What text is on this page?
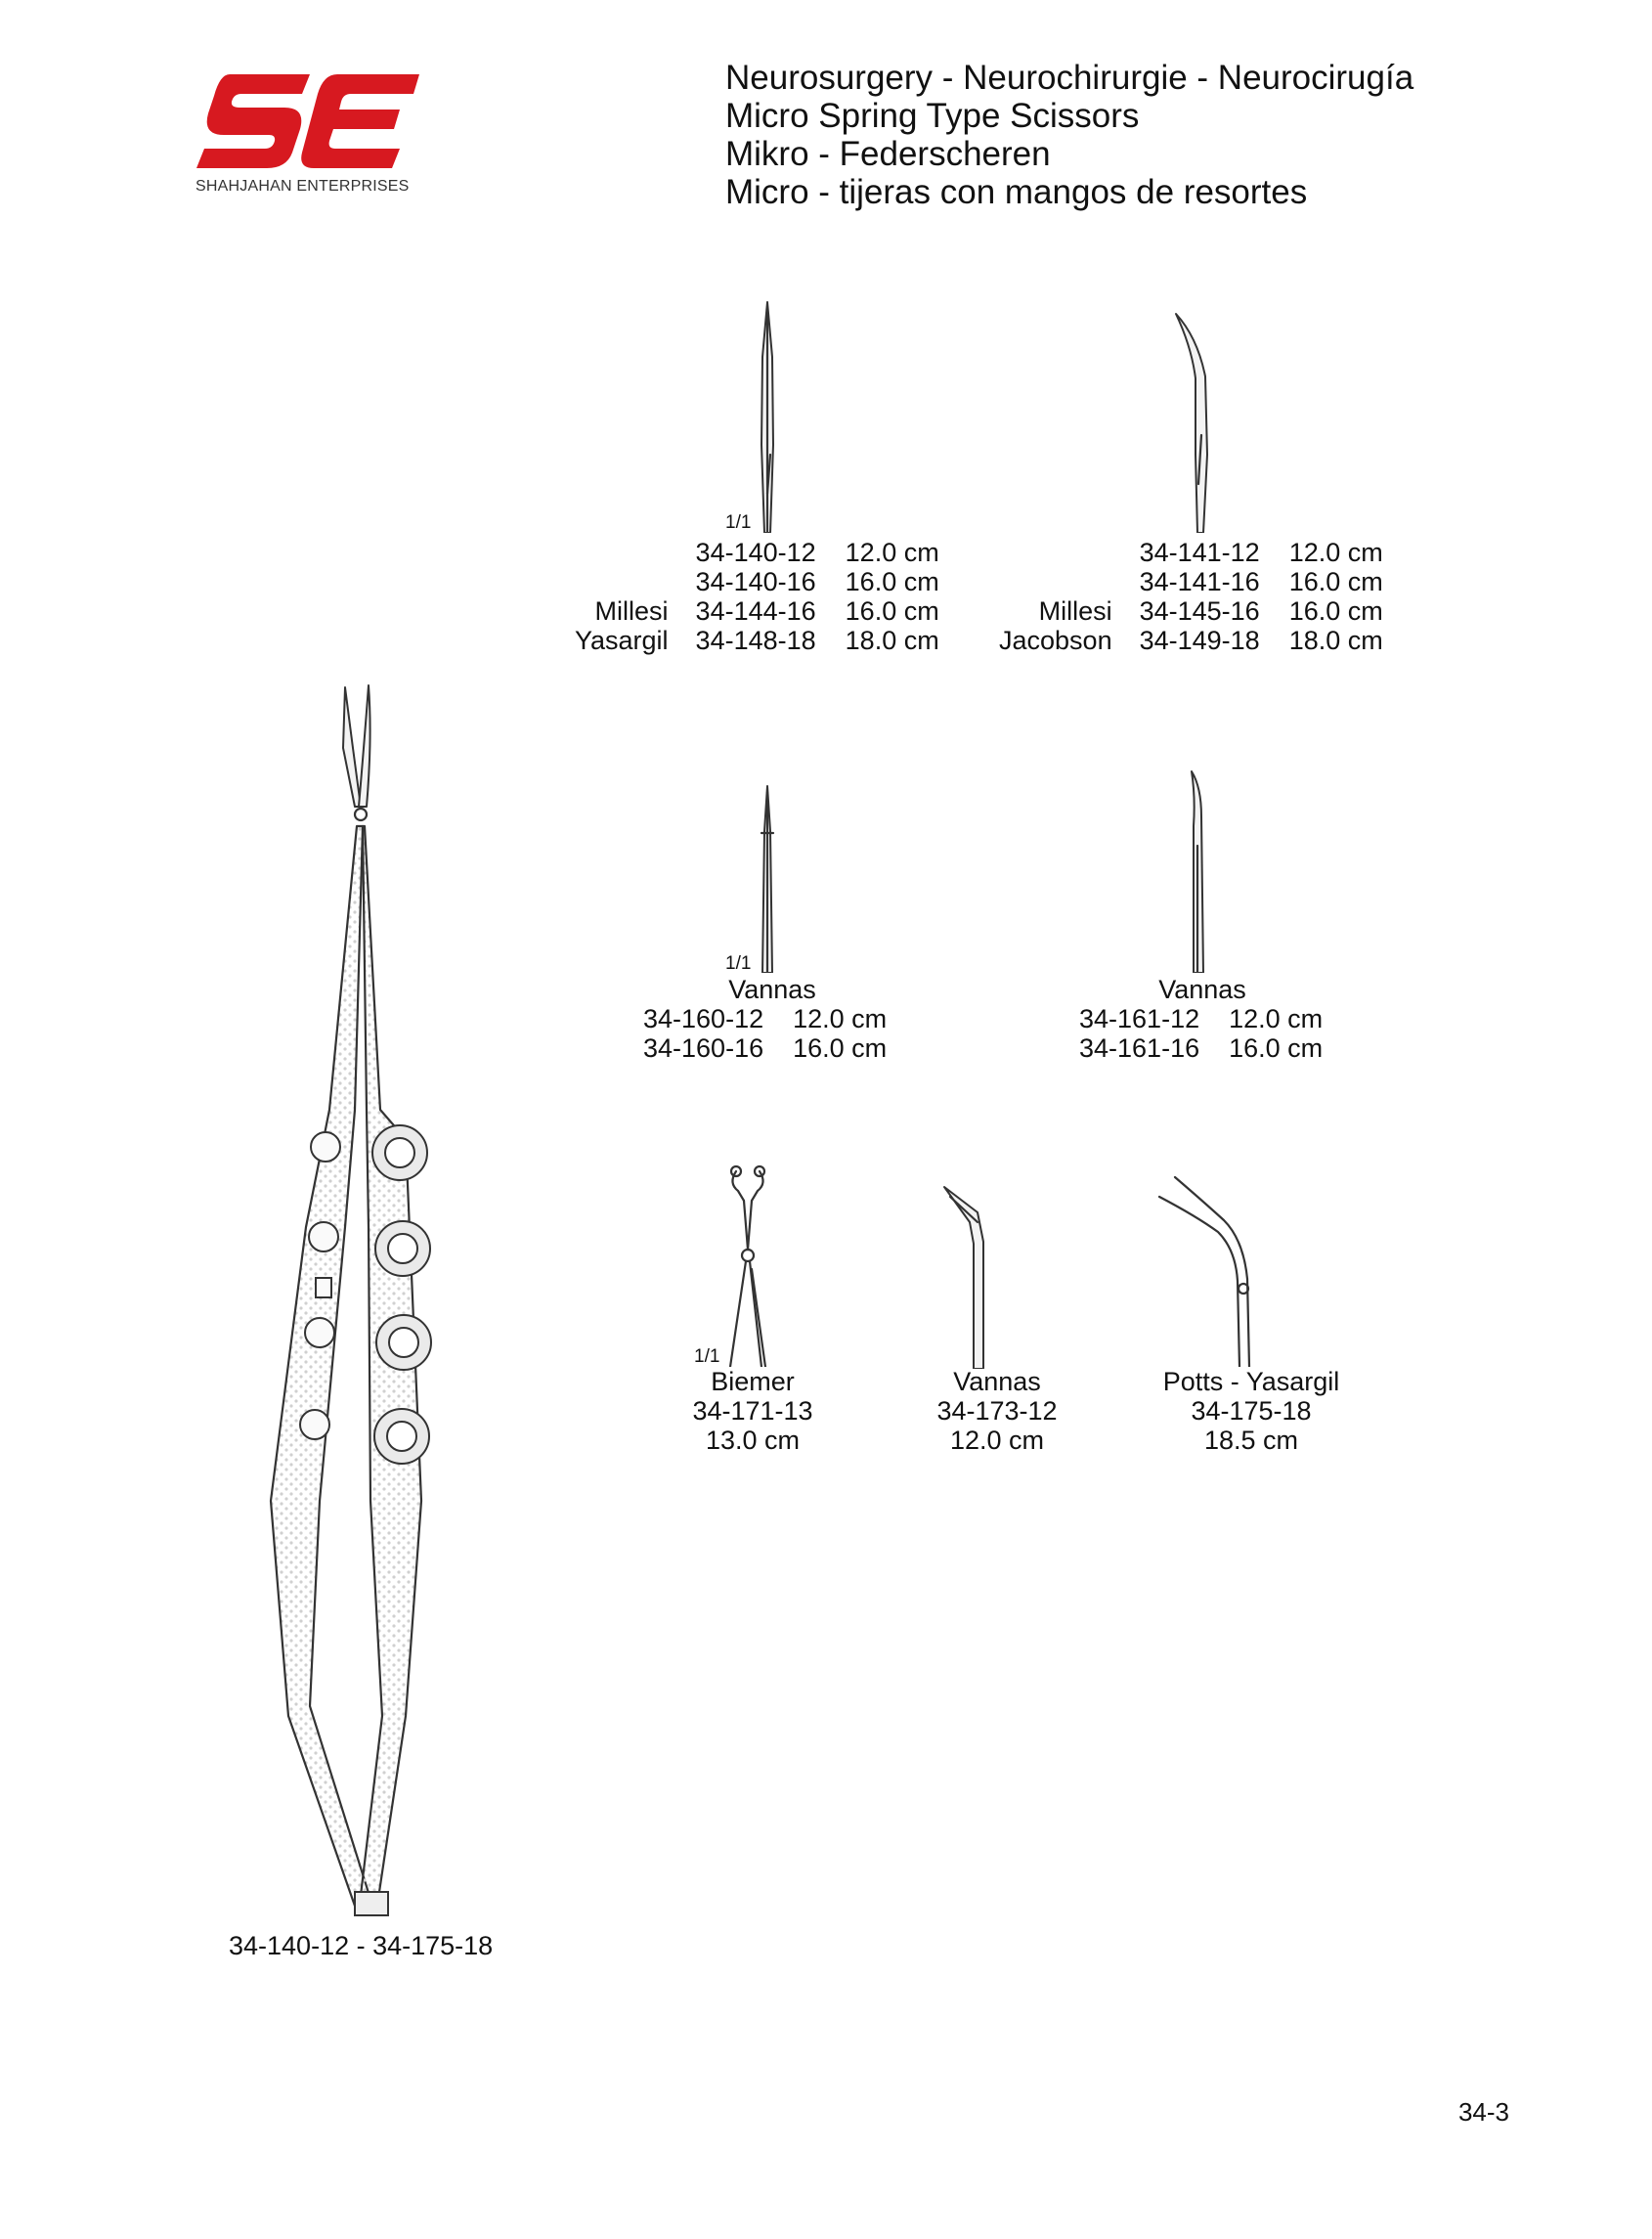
SHAHJAHAN ENTERPRISES
Neurosurgery - Neurochirurgie - Neurocirugía
Micro Spring Type Scissors
Mikro - Federscheren
Micro - tijeras con mangos de resortes
1/1
	34-140-12	12.0 cm
	34-140-16	16.0 cm
Millesi	34-144-16	16.0 cm
Yasargil	34-148-18	18.0 cm
	34-141-12	12.0 cm
	34-141-16	16.0 cm
Millesi	34-145-16	16.0 cm
Jacobson	34-149-18	18.0 cm
34-140-12 - 34-175-18
1/1
Vannas
34-160-12	12.0 cm
34-160-16	16.0 cm
Vannas
34-161-12	12.0 cm
34-161-16	16.0 cm
1/1
Biemer
34-171-13
13.0 cm
Vannas
34-173-12
12.0 cm
Potts - Yasargil
34-175-18
18.5 cm
34-3
